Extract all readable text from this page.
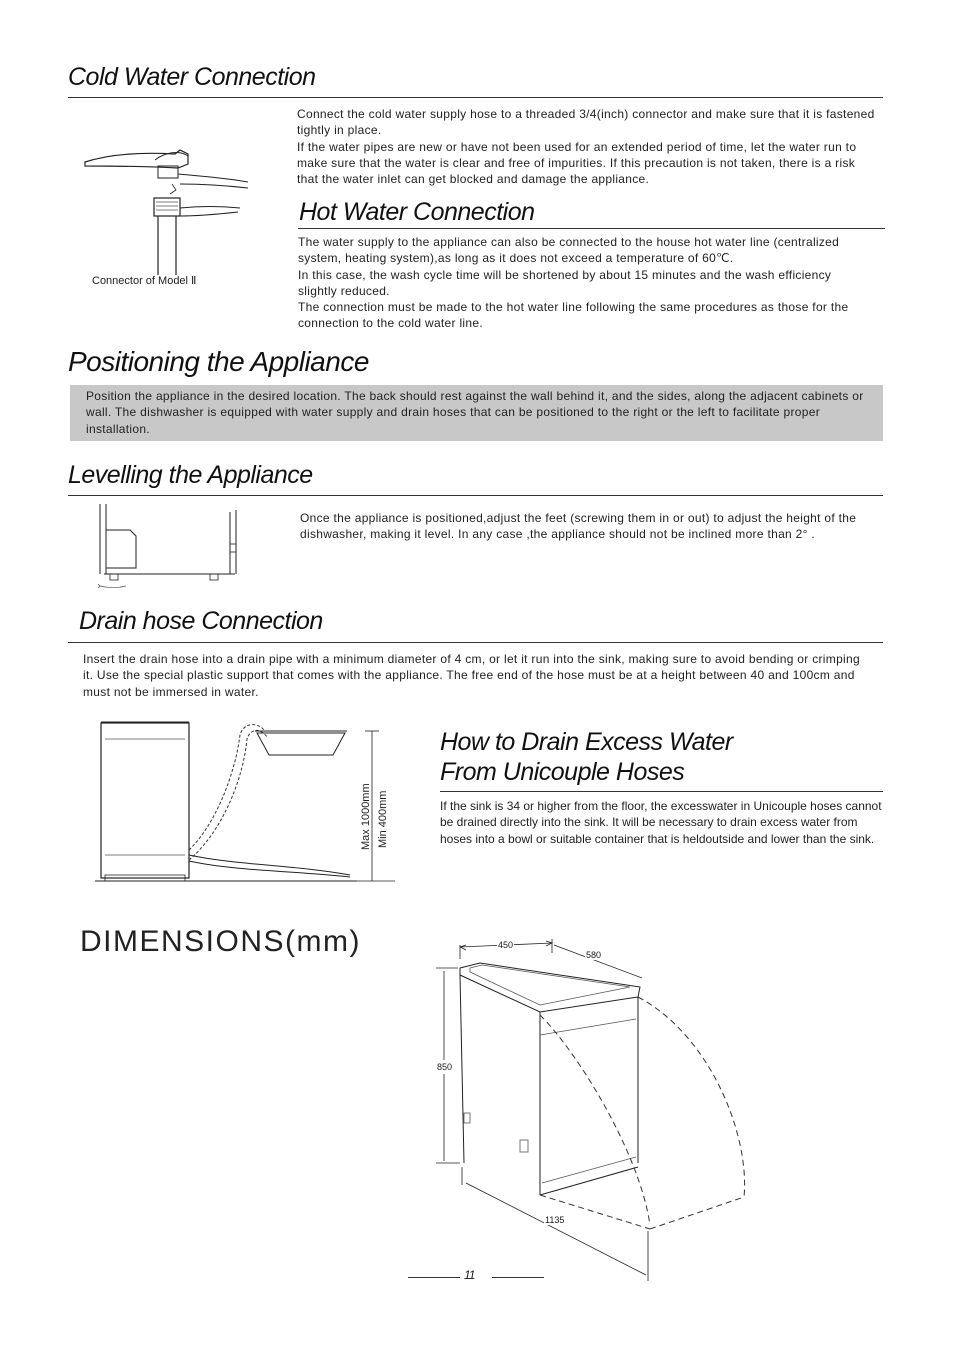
Cold Water Connection
Connector of Model Ⅱ

Connect the cold water supply hose to a threaded 3/4(inch) connector and make sure that it is fastened tightly in place.

If the water pipes are new or have not been used for an extended period of time, let the water run to make sure that the water is clear and free of impurities. If this precaution is not taken, there is a risk that the water inlet can get blocked and damage the appliance.

Hot Water Connection

The water supply to the appliance can also be connected to the house hot water line (centralized system, heating system),as long as it does not exceed a temperature of 60℃.

In this case, the wash cycle time will be shortened by about 15 minutes and the wash efficiency slightly reduced.

The connection must be made to the hot water line following the same procedures as those for the connection to the cold water line.

Positioning the Appliance
Position the appliance in the desired location. The back should rest against the wall behind it, and the sides, along the adjacent cabinets or wall. The dishwasher is equipped with water supply and drain hoses that can be positioned to the right or the left to facilitate proper installation.
Levelling the Appliance
Once the appliance is positioned,adjust the feet (screwing them in or out) to adjust the height of the dishwasher, making it level. In any case ,the appliance should not be inclined more than 2° .
Drain hose Connection
Insert the drain hose into a drain pipe with a minimum diameter of 4 cm, or let it run into the sink, making sure to avoid bending or crimping it. Use the special plastic support that comes with the appliance. The free end of the hose must be at a height between 40 and 100cm and must not be immersed in water.
Max 1000mm Min 400mm
How to Drain Excess Water
From Unicouple Hoses
If the sink is 34 or higher from the floor, the excesswater in Unicouple hoses cannot be drained directly into the sink. It will be necessary to drain excess water from hoses into a bowl or suitable container that is heldoutside and lower than the sink.
DIMENSIONS(mm)	450
580
850
1135
11
